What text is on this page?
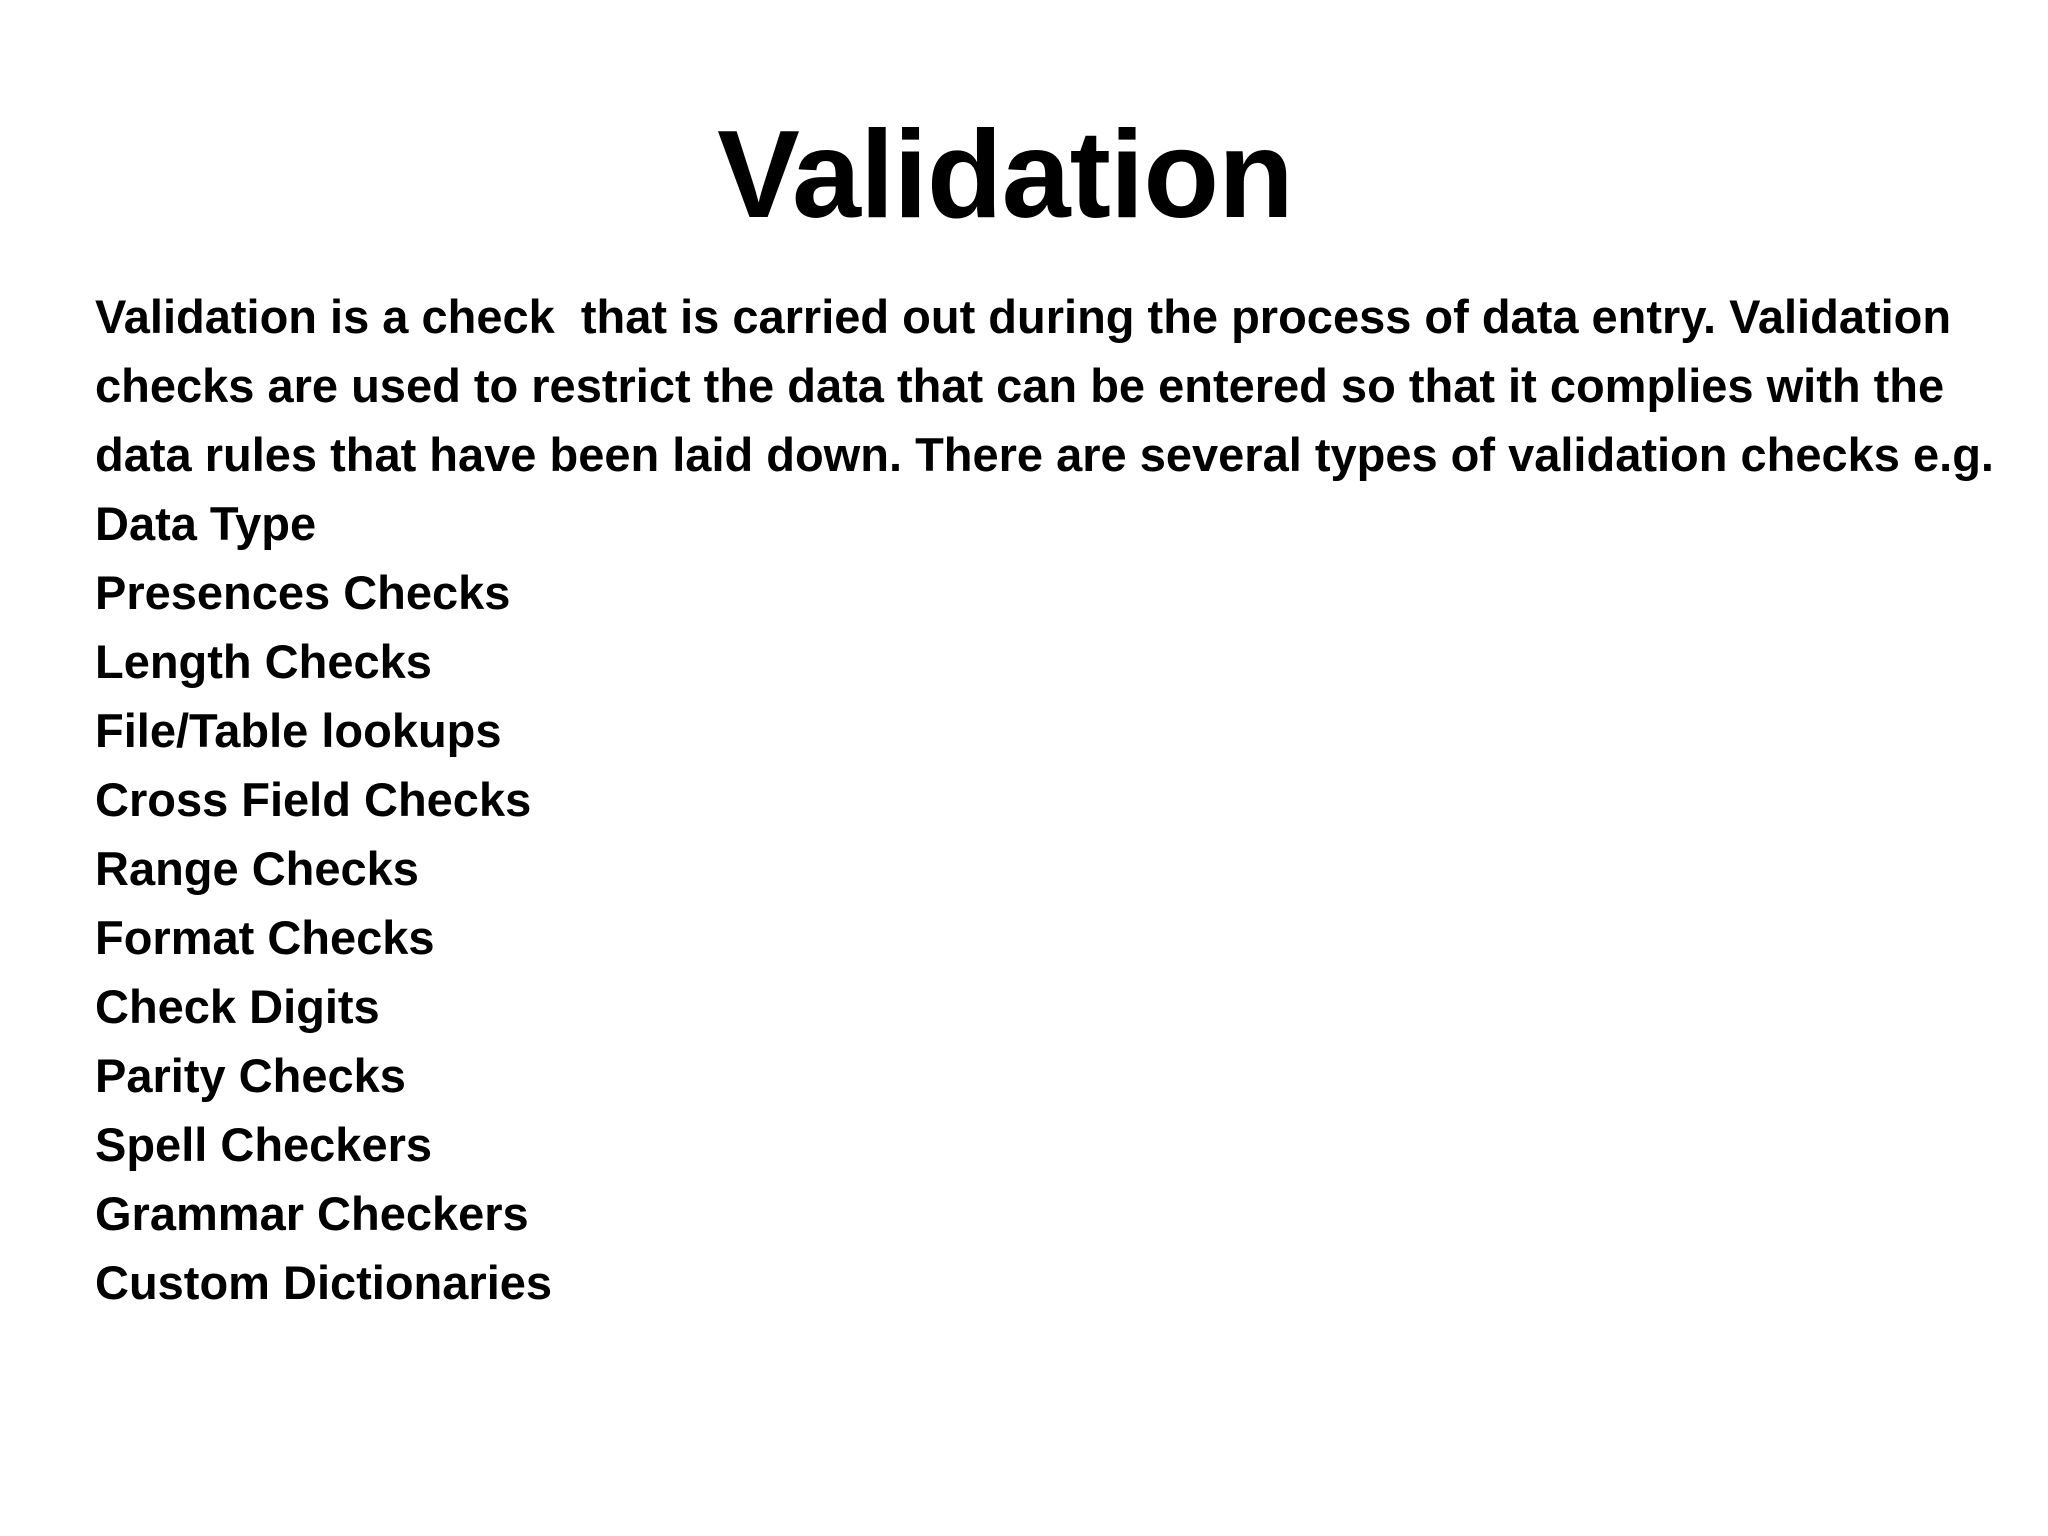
Validation

Validation is a check  that is carried out during the process of data entry. Validation checks are used to restrict the data that can be entered so that it complies with the data rules that have been laid down. There are several types of validation checks e.g.

Data Type
Presences Checks
Length Checks
File/Table lookups
Cross Field Checks
Range Checks
Format Checks
Check Digits
Parity Checks
Spell Checkers
Grammar Checkers
Custom Dictionaries
